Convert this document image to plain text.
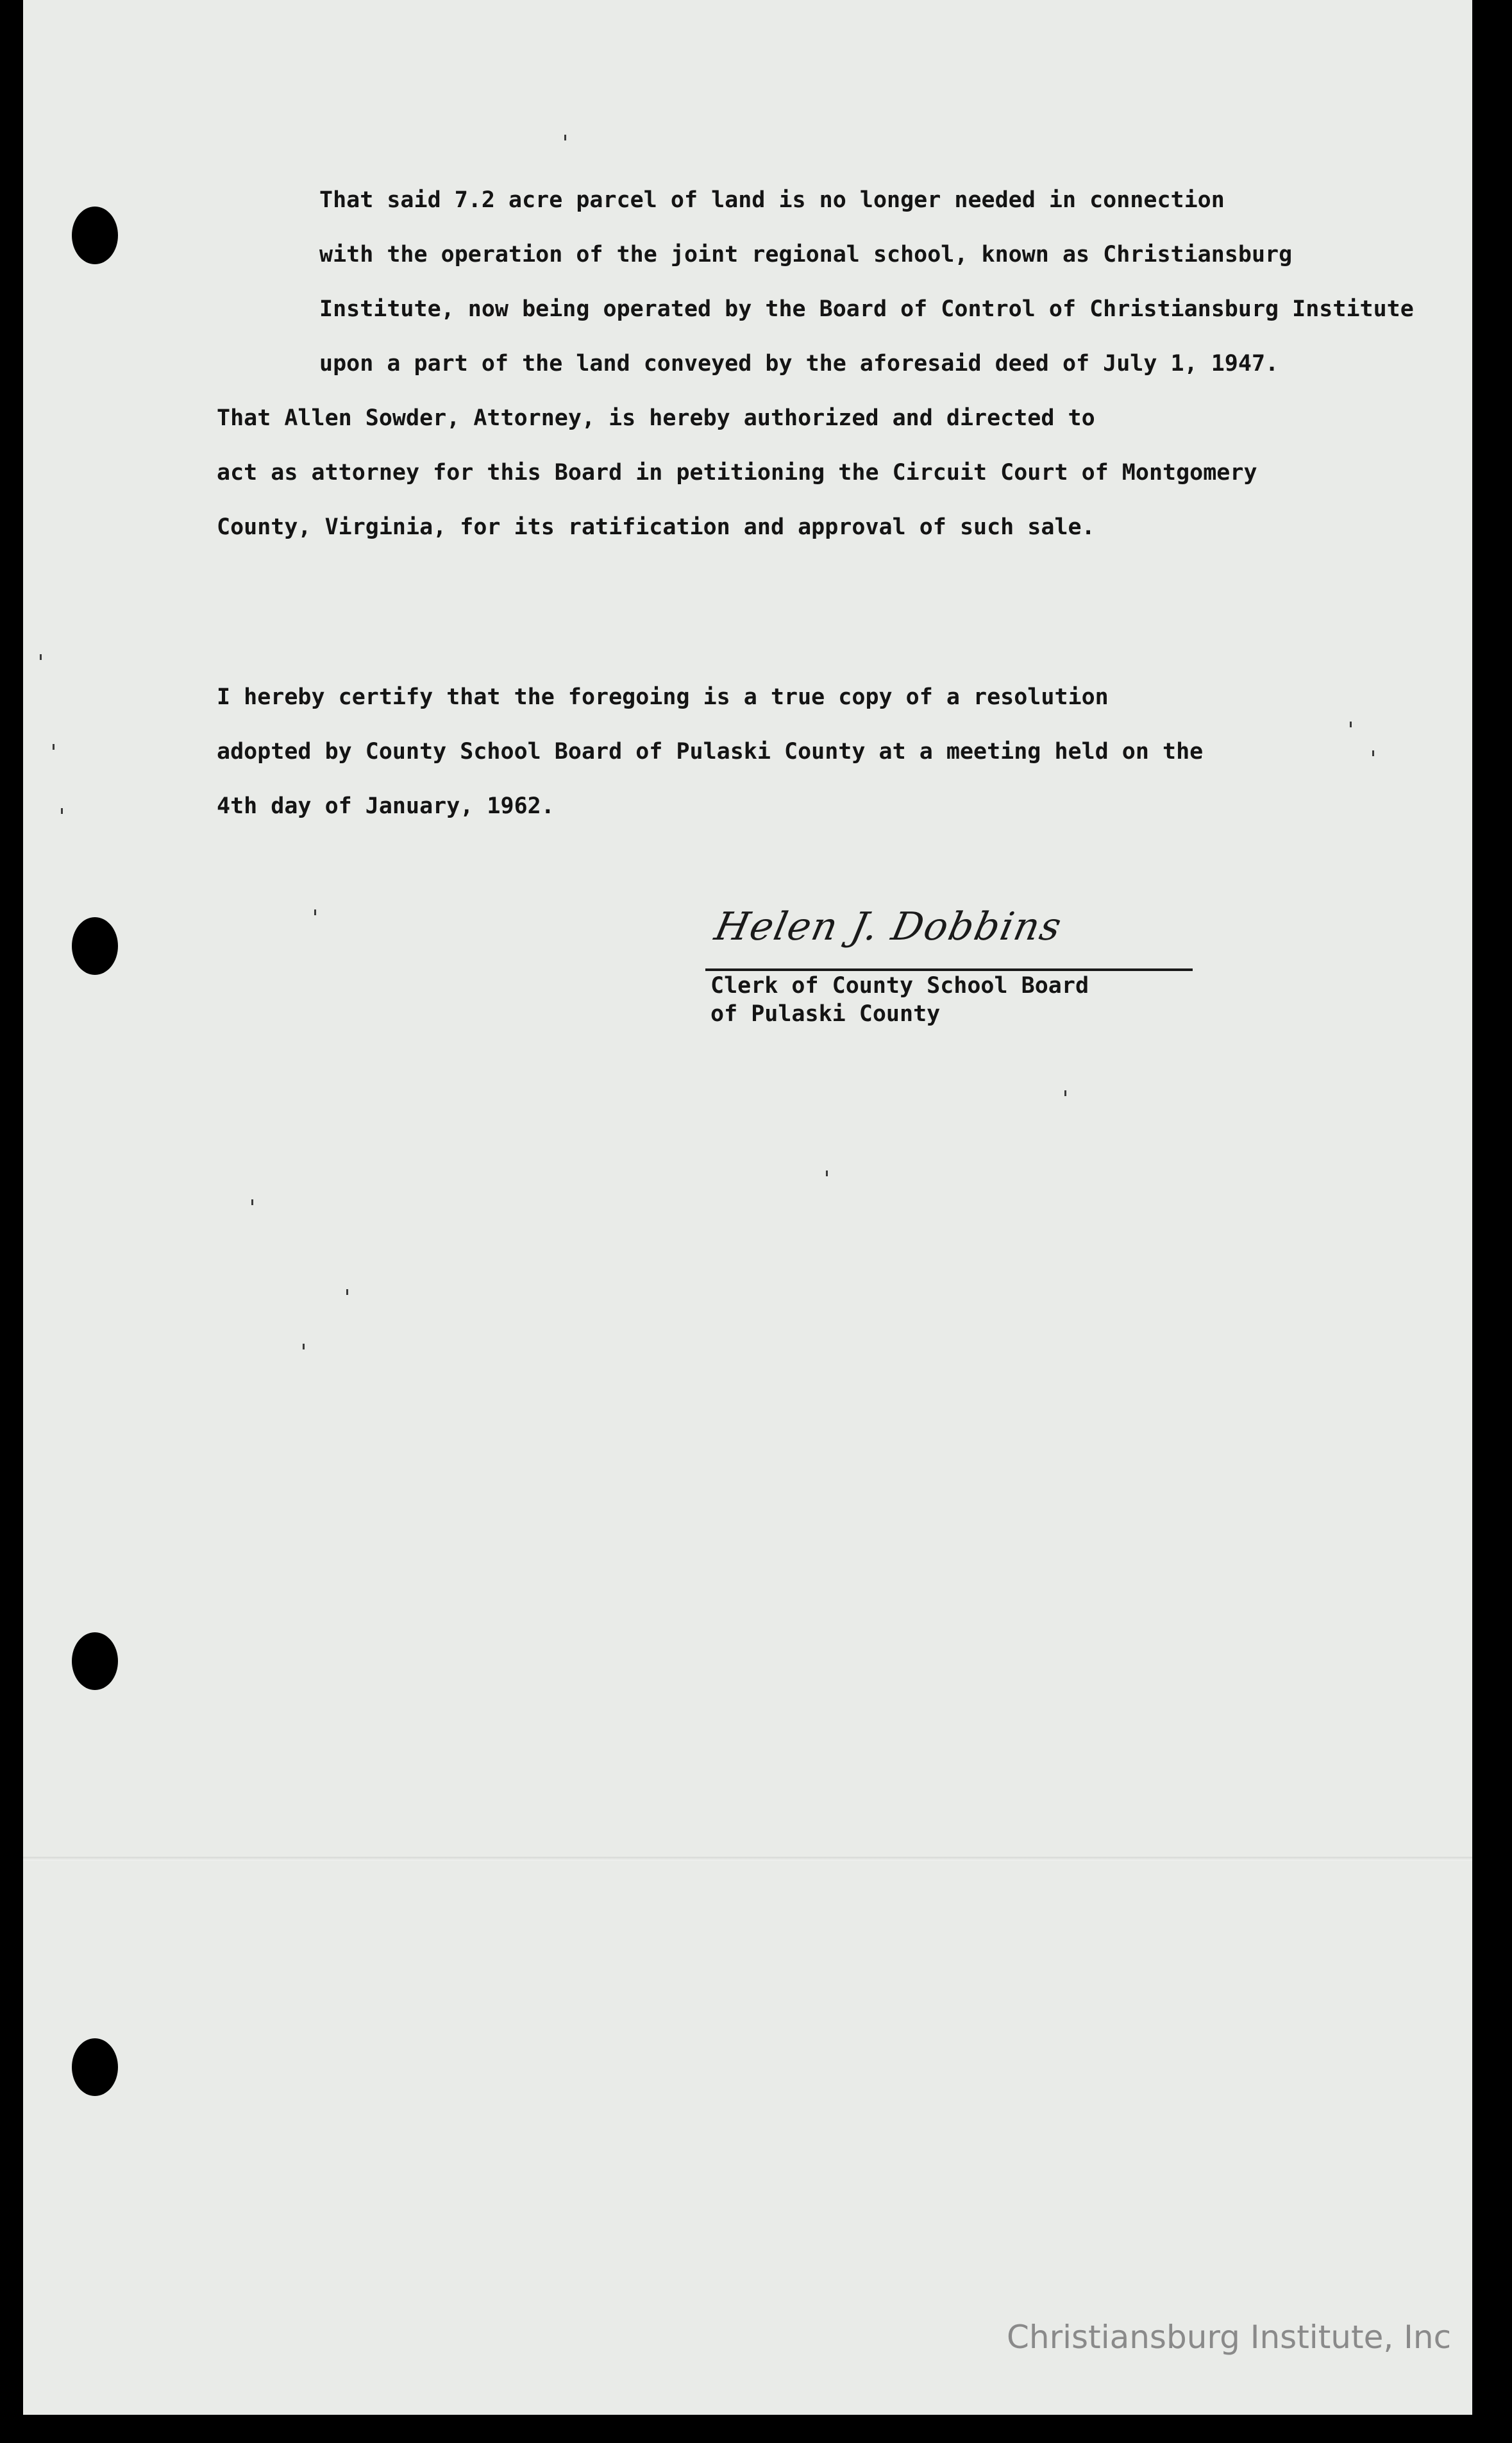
That said 7.2 acre parcel of land is no longer needed in connection
with the operation of the joint regional school, known as Christiansburg
Institute, now being operated by the Board of Control of Christiansburg Institute
upon a part of the land conveyed by the aforesaid deed of July 1, 1947.

That Allen Sowder, Attorney, is hereby authorized and directed to
act as attorney for this Board in petitioning the Circuit Court of Montgomery
County, Virginia, for its ratification and approval of such sale.

I hereby certify that the foregoing is a true copy of a resolution
adopted by County School Board of Pulaski County at a meeting held on the
4th day of January, 1962.

Helen J. Dobbins

Clerk of County School Board
of Pulaski County

Christiansburg Institute, Inc
